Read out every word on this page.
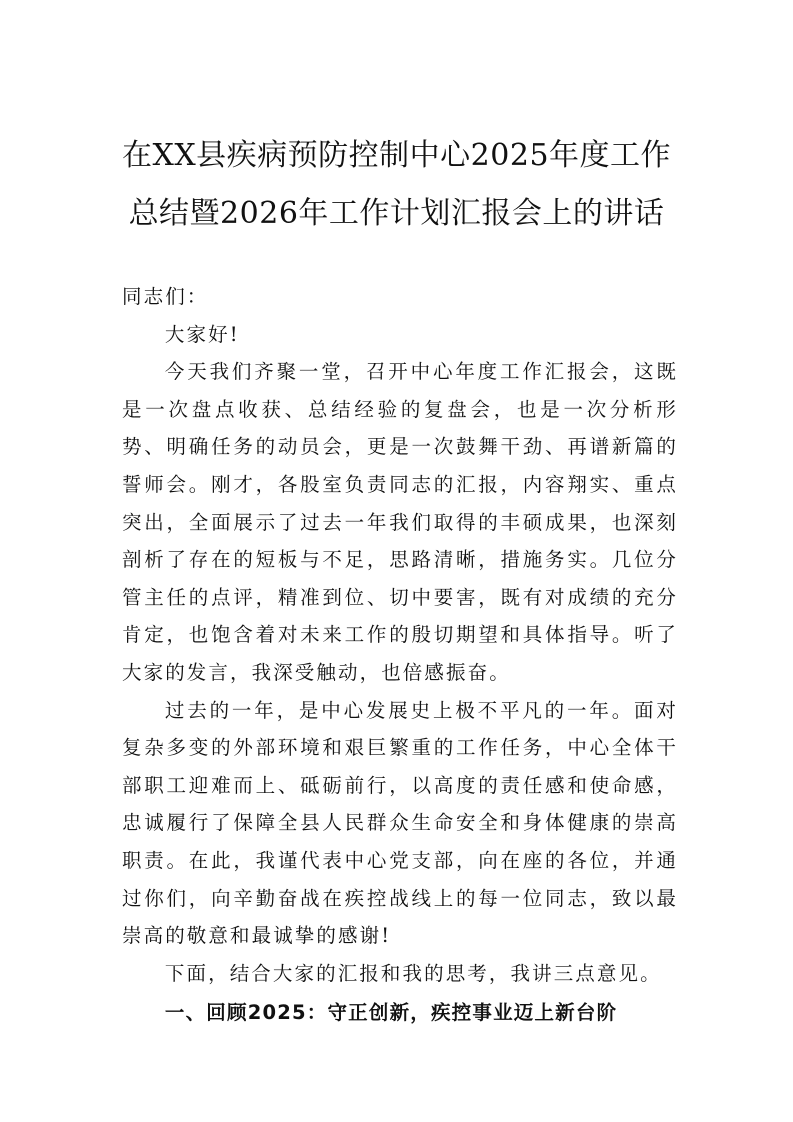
在XX县疾病预防控制中心2025年度工作
总结暨2026年工作计划汇报会上的讲话

同志们：

大家好!

今天我们齐聚一堂，召开中心年度工作汇报会，这既是一次盘点收获、总结经验的复盘会，也是一次分析形势、明确任务的动员会，更是一次鼓舞干劲、再谱新篇的誓师会。刚才，各股室负责同志的汇报，内容翔实、重点突出，全面展示了过去一年我们取得的丰硕成果，也深刻剖析了存在的短板与不足，思路清晰，措施务实。几位分管主任的点评，精准到位、切中要害，既有对成绩的充分肯定，也饱含着对未来工作的殷切期望和具体指导。听了大家的发言，我深受触动，也倍感振奋。

过去的一年，是中心发展史上极不平凡的一年。面对复杂多变的外部环境和艰巨繁重的工作任务，中心全体干部职工迎难而上、砥砺前行，以高度的责任感和使命感，忠诚履行了保障全县人民群众生命安全和身体健康的崇高职责。在此，我谨代表中心党支部，向在座的各位，并通过你们，向辛勤奋战在疾控战线上的每一位同志，致以最崇高的敬意和最诚挚的感谢!

下面，结合大家的汇报和我的思考，我讲三点意见。

一、回顾2025：守正创新，疾控事业迈上新台阶
